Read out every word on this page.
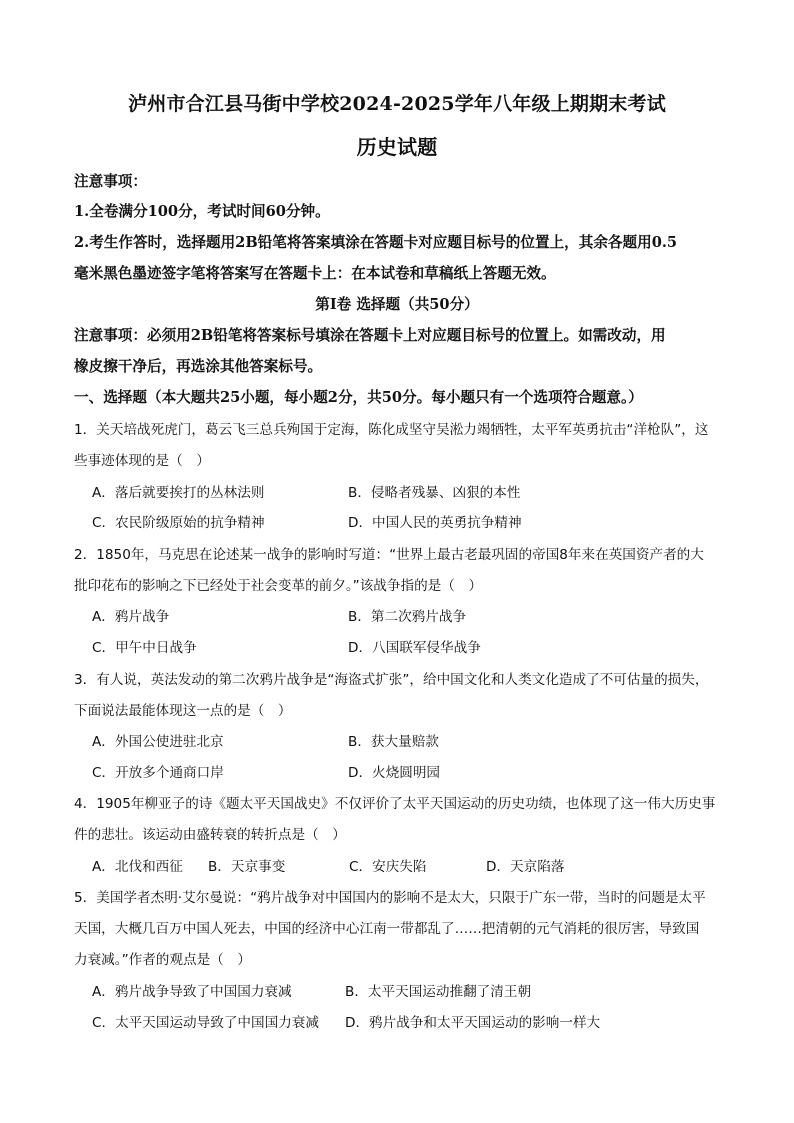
泸州市合江县马街中学校2024-2025学年八年级上期期末考试
历史试题
注意事项：
1.全卷满分100分，考试时间60分钟。
2.考生作答时，选择题用2B铅笔将答案填涂在答题卡对应题目标号的位置上，其余各题用0.5
毫米黑色墨迹签字笔将答案写在答题卡上：在本试卷和草稿纸上答题无效。
第Ⅰ卷 选择题（共50分）
注意事项：必须用2B铅笔将答案标号填涂在答题卡上对应题目标号的位置上。如需改动，用
橡皮擦干净后，再选涂其他答案标号。
一、选择题（本大题共25小题，每小题2分，共50分。每小题只有一个选项符合题意。）
1．关天培战死虎门，葛云飞三总兵殉国于定海，陈化成坚守吴淞力竭牺牲，太平军英勇抗击“洋枪队”，这
些事迹体现的是（　）
A．落后就要挨打的丛林法则	B．侵略者残暴、凶狠的本性
C．农民阶级原始的抗争精神	D．中国人民的英勇抗争精神
2．1850年，马克思在论述某一战争的影响时写道：“世界上最古老最巩固的帝国8年来在英国资产者的大
批印花布的影响之下已经处于社会变革的前夕。”该战争指的是（　）
A．鸦片战争	B．第二次鸦片战争
C．甲午中日战争	D．八国联军侵华战争
3．有人说，英法发动的第二次鸦片战争是“海盗式扩张”，给中国文化和人类文化造成了不可估量的损失，
下面说法最能体现这一点的是（　）
A．外国公使进驻北京	B．获大量赔款
C．开放多个通商口岸	D．火烧圆明园
4．1905年柳亚子的诗《题太平天国战史》不仅评价了太平天国运动的历史功绩，也体现了这一伟大历史事
件的悲壮。该运动由盛转衰的转折点是（　）
A．北伐和西征 B．天京事变	C．安庆失陷	D．天京陷落
5．美国学者杰明·艾尔曼说：“鸦片战争对中国国内的影响不是太大，只限于广东一带，当时的问题是太平
天国，大概几百万中国人死去，中国的经济中心江南一带都乱了……把清朝的元气消耗的很厉害，导致国
力衰减。”作者的观点是（　）
A．鸦片战争导致了中国国力衰减	B．太平天国运动推翻了清王朝
C．太平天国运动导致了中国国力衰减 D．鸦片战争和太平天国运动的影响一样大
